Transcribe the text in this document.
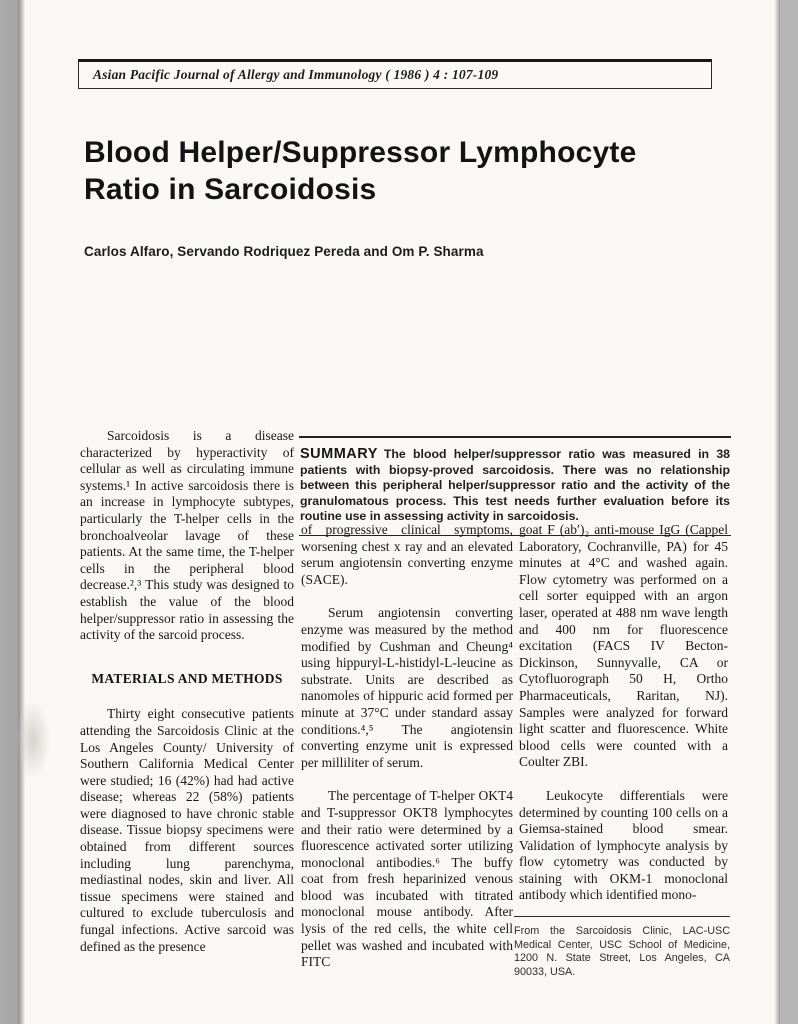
Asian Pacific Journal of Allergy and Immunology ( 1986 ) 4 : 107-109
Blood Helper/Suppressor Lymphocyte
Ratio in Sarcoidosis
Carlos Alfaro, Servando Rodriquez Pereda and Om P. Sharma
SUMMARY The blood helper/suppressor ratio was measured in 38 patients with biopsy-proved sarcoidosis. There was no relationship between this peripheral helper/suppressor ratio and the activity of the granulomatous process. This test needs further evaluation before its routine use in assessing activity in sarcoidosis.

Sarcoidosis is a disease characterized by hyperactivity of cellular as well as circulating immune systems.¹ In active sarcoidosis there is an increase in lymphocyte subtypes, particularly the T-helper cells in the bronchoalveolar lavage of these patients. At the same time, the T-helper cells in the peripheral blood decrease.²,³ This study was designed to establish the value of the blood helper/suppressor ratio in assessing the activity of the sarcoid process.

MATERIALS AND METHODS

Thirty eight consecutive patients attending the Sarcoidosis Clinic at the Los Angeles County/ University of Southern California Medical Center were studied; 16 (42%) had had active disease; whereas 22 (58%) patients were diagnosed to have chronic stable disease. Tissue biopsy specimens were obtained from different sources including lung parenchyma, mediastinal nodes, skin and liver. All tissue specimens were stained and cultured to exclude tuberculosis and fungal infections. Active sarcoid was defined as the presence

of progressive clinical symptoms, worsening chest x ray and an elevated serum angiotensin converting enzyme (SACE).

Serum angiotensin converting enzyme was measured by the method modified by Cushman and Cheung⁴ using hippuryl-L-histidyl-L-leucine as substrate. Units are described as nanomoles of hippuric acid formed per minute at 37°C under standard assay conditions.⁴,⁵ The angiotensin converting enzyme unit is expressed per milliliter of serum.

The percentage of T-helper OKT4 and T-suppressor OKT8 lymphocytes and their ratio were determined by a fluorescence activated sorter utilizing monoclonal antibodies.⁶ The buffy coat from fresh heparinized venous blood was incubated with titrated monoclonal mouse antibody. After lysis of the red cells, the white cell pellet was washed and incubated with FITC

goat F (ab′)₂ anti-mouse IgG (Cappel Laboratory, Cochranville, PA) for 45 minutes at 4°C and washed again. Flow cytometry was performed on a cell sorter equipped with an argon laser, operated at 488 nm wave length and 400 nm for fluorescence excitation (FACS IV Becton-Dickinson, Sunnyvalle, CA or Cytofluorograph 50 H, Ortho Pharmaceuticals, Raritan, NJ). Samples were analyzed for forward light scatter and fluorescence. White blood cells were counted with a Coulter ZBI.

Leukocyte differentials were determined by counting 100 cells on a Giemsa-stained blood smear. Validation of lymphocyte analysis by flow cytometry was conducted by staining with OKM-1 monoclonal antibody which identified mono-

From the Sarcoidosis Clinic, LAC-USC Medical Center, USC School of Medicine, 1200 N. State Street, Los Angeles, CA 90033, USA.
